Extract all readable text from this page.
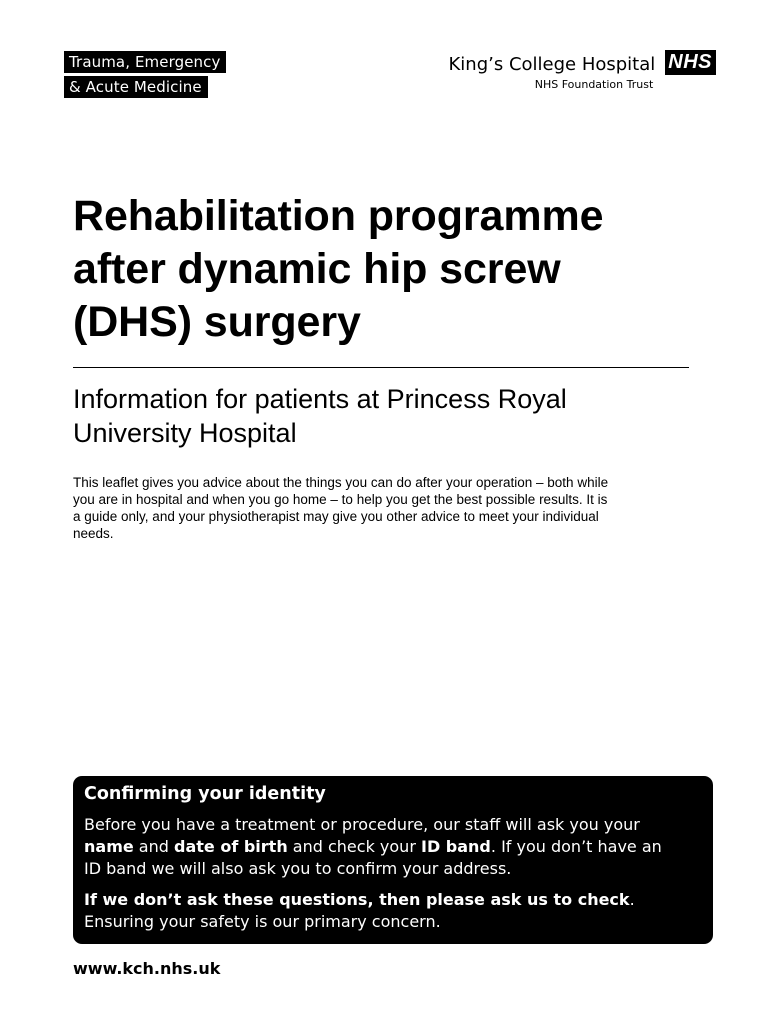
Trauma, Emergency
& Acute Medicine
King’s College Hospital
NHS Foundation Trust
NHS
Rehabilitation programme
after dynamic hip screw
(DHS) surgery
Information for patients at Princess Royal
University Hospital

This leaflet gives you advice about the things you can do after your operation – both while
you are in hospital and when you go home – to help you get the best possible results. It is
a guide only, and your physiotherapist may give you other advice to meet your individual
needs.

Confirming your identity

Before you have a treatment or procedure, our staff will ask you your
name and date of birth and check your ID band. If you don’t have an
ID band we will also ask you to confirm your address.

If we don’t ask these questions, then please ask us to check.
Ensuring your safety is our primary concern.

www.kch.nhs.uk
